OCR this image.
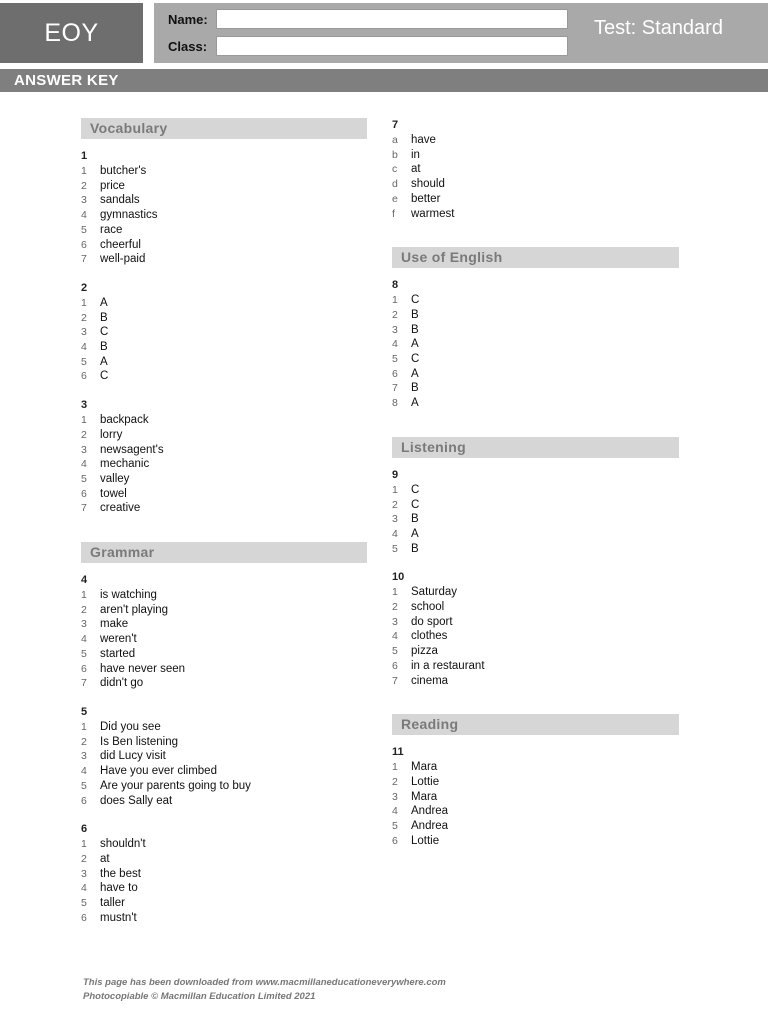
EOY	Name:
Class:
Test: Standard
ANSWER KEY
Vocabulary
1
1	butcher's
2	price
3	sandals
4	gymnastics
5	race
6	cheerful
7	well-paid
2
1	A
2	B
3	C
4	B
5	A
6	C
3
1	backpack
2	lorry
3	newsagent's
4	mechanic
5	valley
6	towel
7	creative
Grammar
4
1	is watching
2	aren't playing
3	make
4	weren't
5	started
6	have never seen
7	didn't go
5
1	Did you see
2	Is Ben listening
3	did Lucy visit
4	Have you ever climbed
5	Are your parents going to buy
6	does Sally eat
6
1	shouldn't
2	at
3	the best
4	have to
5	taller
6	mustn't
7
a	have
b	in
c	at
d	should
e	better
f	warmest
Use of English
8
1	C
2	B
3	B
4	A
5	C
6	A
7	B
8	A
Listening
9
1	C
2	C
3	B
4	A
5	B
10
1	Saturday
2	school
3	do sport
4	clothes
5	pizza
6	in a restaurant
7	cinema
Reading
11
1	Mara
2	Lottie
3	Mara
4	Andrea
5	Andrea
6	Lottie
This page has been downloaded from www.macmillaneducationeverywhere.com
Photocopiable © Macmillan Education Limited 2021
